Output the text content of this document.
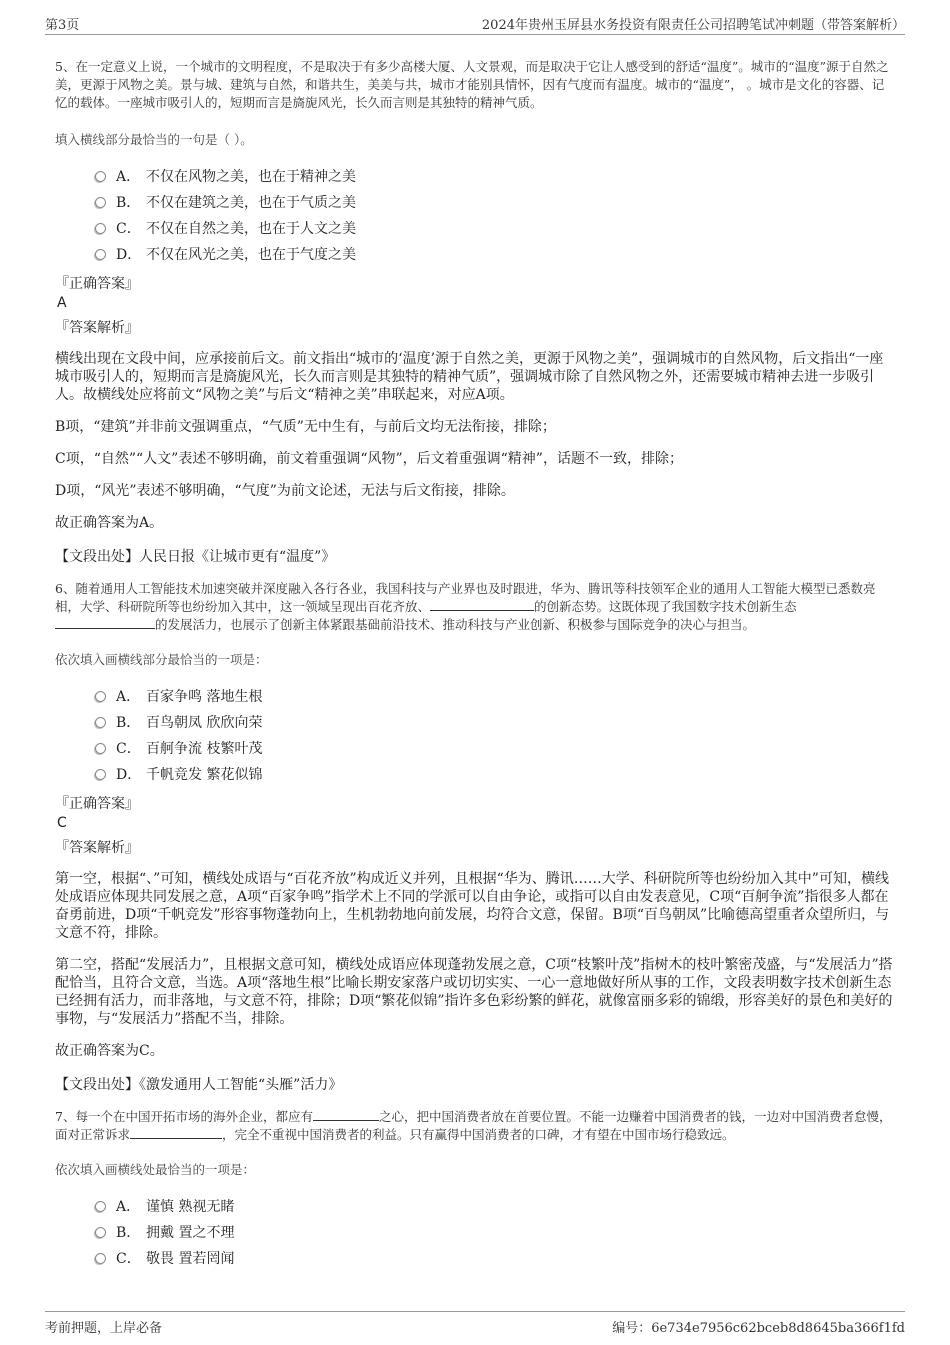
第3页	2024年贵州玉屏县水务投资有限责任公司招聘笔试冲刺题（带答案解析）
5、在一定意义上说，一个城市的文明程度，不是取决于有多少高楼大厦、人文景观，而是取决于它让人感受到的舒适“温度”。城市的“温度”源于自然之美，更源于风物之美。景与城、建筑与自然，和谐共生，美美与共，城市才能别具情怀，因有气度而有温度。城市的“温度”， 。城市是文化的容器、记忆的载体。一座城市吸引人的，短期而言是旖旎风光，长久而言则是其独特的精神气质。
填入横线部分最恰当的一句是（ ）。
A． 不仅在风物之美，也在于精神之美
B． 不仅在建筑之美，也在于气质之美
C． 不仅在自然之美，也在于人文之美
D． 不仅在风光之美，也在于气度之美
『正确答案』
A
『答案解析』
横线出现在文段中间，应承接前后文。前文指出“城市的‘温度’源于自然之美，更源于风物之美”，强调城市的自然风物，后文指出“一座城市吸引人的，短期而言是旖旎风光，长久而言则是其独特的精神气质”，强调城市除了自然风物之外，还需要城市精神去进一步吸引人。故横线处应将前文“风物之美”与后文“精神之美”串联起来，对应A项。
B项，“建筑”并非前文强调重点，“气质”无中生有，与前后文均无法衔接，排除；
C项，“自然”“人文”表述不够明确，前文着重强调“风物”，后文着重强调“精神”，话题不一致，排除；
D项，“风光”表述不够明确，“气度”为前文论述，无法与后文衔接，排除。
故正确答案为A。
【文段出处】人民日报《让城市更有“温度”》
6、随着通用人工智能技术加速突破并深度融入各行各业，我国科技与产业界也及时跟进，华为、腾讯等科技领军企业的通用人工智能大模型已悉数亮相，大学、科研院所等也纷纷加入其中，这一领域呈现出百花齐放、	的创新态势。这既体现了我国数字技术创新生态的发展活力，也展示了创新主体紧跟基础前沿技术、推动科技与产业创新、积极参与国际竞争的决心与担当。
依次填入画横线部分最恰当的一项是：
A． 百家争鸣 落地生根
B． 百鸟朝凤 欣欣向荣
C． 百舸争流 枝繁叶茂
D． 千帆竞发 繁花似锦
『正确答案』
C
『答案解析』
第一空，根据“、”可知，横线处成语与“百花齐放”构成近义并列，且根据“华为、腾讯……大学、科研院所等也纷纷加入其中”可知，横线处成语应体现共同发展之意，A项“百家争鸣”指学术上不同的学派可以自由争论，或指可以自由发表意见，C项“百舸争流”指很多人都在奋勇前进，D项“千帆竞发”形容事物蓬勃向上，生机勃勃地向前发展，均符合文意，保留。B项“百鸟朝凤”比喻德高望重者众望所归，与文意不符，排除。
第二空，搭配“发展活力”，且根据文意可知，横线处成语应体现蓬勃发展之意，C项“枝繁叶茂”指树木的枝叶繁密茂盛，与“发展活力”搭配恰当，且符合文意，当选。A项“落地生根”比喻长期安家落户或切切实实、一心一意地做好所从事的工作，文段表明数字技术创新生态已经拥有活力，而非落地，与文意不符，排除；D项“繁花似锦”指许多色彩纷繁的鲜花，就像富丽多彩的锦缎，形容美好的景色和美好的事物，与“发展活力”搭配不当，排除。
故正确答案为C。
【文段出处】《激发通用人工智能“头雁”活力》
7、每一个在中国开拓市场的海外企业，都应有	之心，把中国消费者放在首要位置。不能一边赚着中国消费者的钱，一边对中国消费者怠慢，面对正常诉求	，完全不重视中国消费者的利益。只有赢得中国消费者的口碑，才有望在中国市场行稳致远。
依次填入画横线处最恰当的一项是：
A． 谨慎 熟视无睹
B． 拥戴 置之不理
C． 敬畏 置若罔闻
考前押题，上岸必备	编号：6e734e7956c62bceb8d8645ba366f1fd
